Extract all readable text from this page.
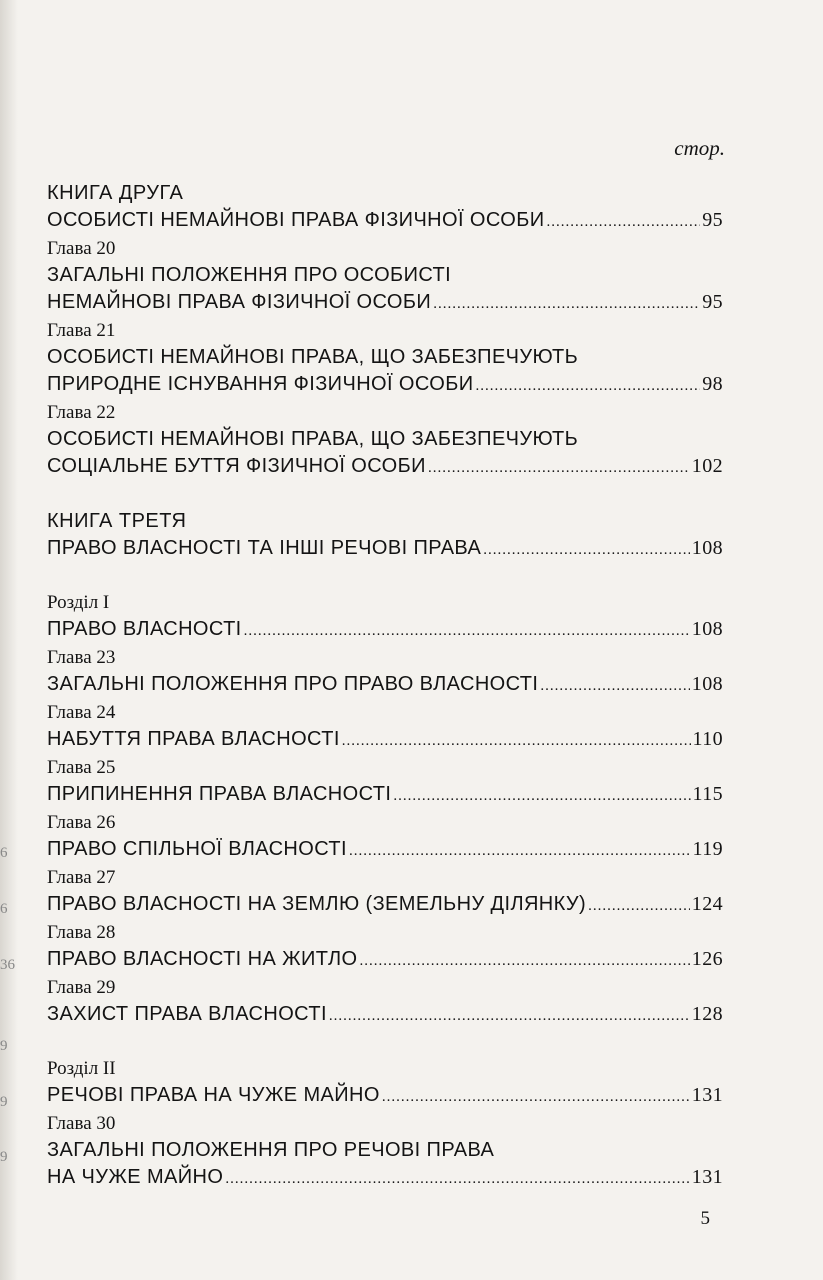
6
6
36
9
9
9
стор.
КНИГА ДРУГА
ОСОБИСТІ НЕМАЙНОВІ ПРАВА ФІЗИЧНОЇ ОСОБИ .....	95
Глава 20
ЗАГАЛЬНІ ПОЛОЖЕННЯ ПРО ОСОБИСТІ
НЕМАЙНОВІ ПРАВА ФІЗИЧНОЇ ОСОБИ .....	95
Глава 21
ОСОБИСТІ НЕМАЙНОВІ ПРАВА, ЩО ЗАБЕЗПЕЧУЮТЬ
ПРИРОДНЕ ІСНУВАННЯ ФІЗИЧНОЇ ОСОБИ .....	98
Глава 22
ОСОБИСТІ НЕМАЙНОВІ ПРАВА, ЩО ЗАБЕЗПЕЧУЮТЬ
СОЦІАЛЬНЕ БУТТЯ ФІЗИЧНОЇ ОСОБИ .....	102
КНИГА ТРЕТЯ
ПРАВО ВЛАСНОСТІ ТА ІНШІ РЕЧОВІ ПРАВА .....	108
Розділ I
ПРАВО ВЛАСНОСТІ .....	108
Глава 23
ЗАГАЛЬНІ ПОЛОЖЕННЯ ПРО ПРАВО ВЛАСНОСТІ .....	108
Глава 24
НАБУТТЯ ПРАВА ВЛАСНОСТІ .....	110
Глава 25
ПРИПИНЕННЯ ПРАВА ВЛАСНОСТІ .....	115
Глава 26
ПРАВО СПІЛЬНОЇ ВЛАСНОСТІ .....	119
Глава 27
ПРАВО ВЛАСНОСТІ НА ЗЕМЛЮ (ЗЕМЕЛЬНУ ДІЛЯНКУ) .....	124
Глава 28
ПРАВО ВЛАСНОСТІ НА ЖИТЛО .....	126
Глава 29
ЗАХИСТ ПРАВА ВЛАСНОСТІ .....	128
Розділ II
РЕЧОВІ ПРАВА НА ЧУЖЕ МАЙНО .....	131
Глава 30
ЗАГАЛЬНІ ПОЛОЖЕННЯ ПРО РЕЧОВІ ПРАВА
НА ЧУЖЕ МАЙНО .....	131
5
